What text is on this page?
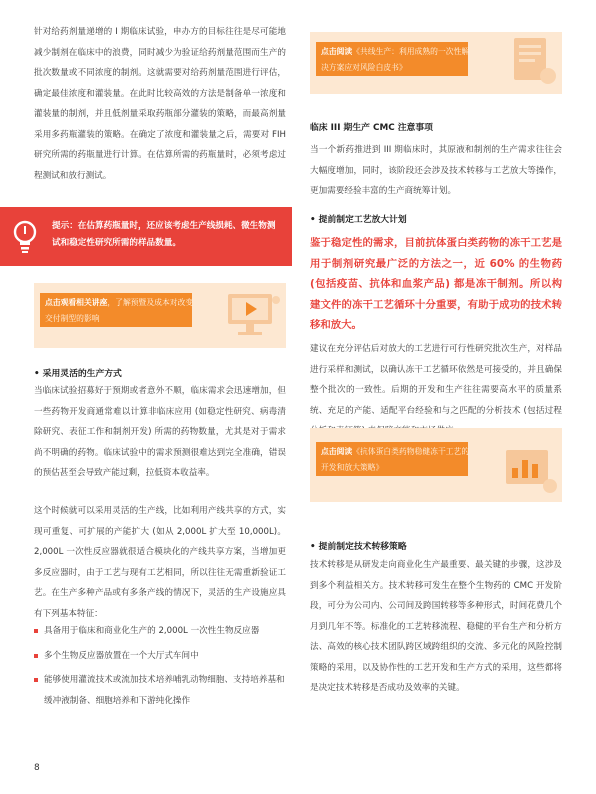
针对给药剂量递增的 I 期临床试验，申办方的目标往往是尽可能地减少制剂在临床中的浪费，同时减少为验证给药剂量范围而生产的批次数量或不同浓度的制剂。这就需要对给药剂量范围进行评估，确定最佳浓度和灌装量。在此时比较高效的方法是制备单一浓度和灌装量的制剂，并且低剂量采取药瓶部分灌装的策略，而最高剂量采用多药瓶灌装的策略。在确定了浓度和灌装量之后，需要对 FIH 研究所需的药瓶量进行计算。在估算所需的药瓶量时，必须考虑过程测试和放行测试。

提示：在估算药瓶量时，还应该考虑生产线损耗、微生物测试和稳定性研究所需的样品数量。
点击观看相关讲座，了解预暨及成本对改变交付制型的影响

• 采用灵活的生产方式

当临床试验招募好于预期或者意外不顺，临床需求会迅速增加，但一些药物开发商通常难以计算非临床应用 (如稳定性研究、病毒清除研究、表征工作和制剂开发) 所需的药物数量，尤其是对于需求尚不明确的药物。临床试验中的需求预测很难达到完全准确，错误的预估甚至会导致产能过剩，拉低资本收益率。

这个时候就可以采用灵活的生产线，比如利用产线共享的方式，实现可重复、可扩展的产能扩大 (如从 2,000L 扩大至 10,000L)。2,000L 一次性反应器就很适合模块化的产线共享方案，当增加更多反应器时，由于工艺与现有工艺相同，所以往往无需重新验证工艺。在生产多种产品或有多条产线的情况下，灵活的生产设施应具有下列基本特征：

具备用于临床和商业化生产的 2,000L 一次性生物反应器
多个生物反应器放置在一个大厅式车间中
能够使用灌流技术或流加技术培养哺乳动物细胞、支持培养基和缓冲液制备、细胞培养和下游纯化操作
点击阅读《共线生产：利用成熟的一次性解决方案应对风险白皮书》

临床 III 期生产 CMC 注意事项

当一个新药推进到 III 期临床时，其原液和制剂的生产需求往往会大幅度增加，同时，该阶段还会涉及技术转移与工艺放大等操作，更加需要经验丰富的生产商统筹计划。

• 提前制定工艺放大计划

鉴于稳定性的需求，目前抗体蛋白类药物的冻干工艺是用于制剂研究最广泛的方法之一，近 60% 的生物药 (包括疫苗、抗体和血浆产品) 都是冻干制剂。所以构建文件的冻干工艺循环十分重要，有助于成功的技术转移和放大。

建议在充分评估后对放大的工艺进行可行性研究批次生产，对样品进行采样和测试，以确认冻干工艺循环依然是可接受的，并且确保整个批次的一致性。后期的开发和生产往往需要高水平的质量系统、充足的产能、适配平台经验和与之匹配的分析技术 (包括过程

点击阅读《抗体蛋白类药物稳健冻干工艺的开发和放大策略》

• 提前制定技术转移策略

技术转移是从研发走向商业化生产最重要、最关键的步骤，这涉及到多个利益相关方。技术转移可发生在整个生物药的 CMC 开发阶段，可分为公司内、公司间及跨国转移等多种形式，时间花费几个月到几年不等。标准化的工艺转移流程、稳健的平台生产和分析方法、高效的核心技术团队跨区域跨组织的交流、多元化的风险控制策略的采用，以及协作性的工艺开发和生产方式的采用，这些都将是决定技术转移是否成功及效率的关键。

8
